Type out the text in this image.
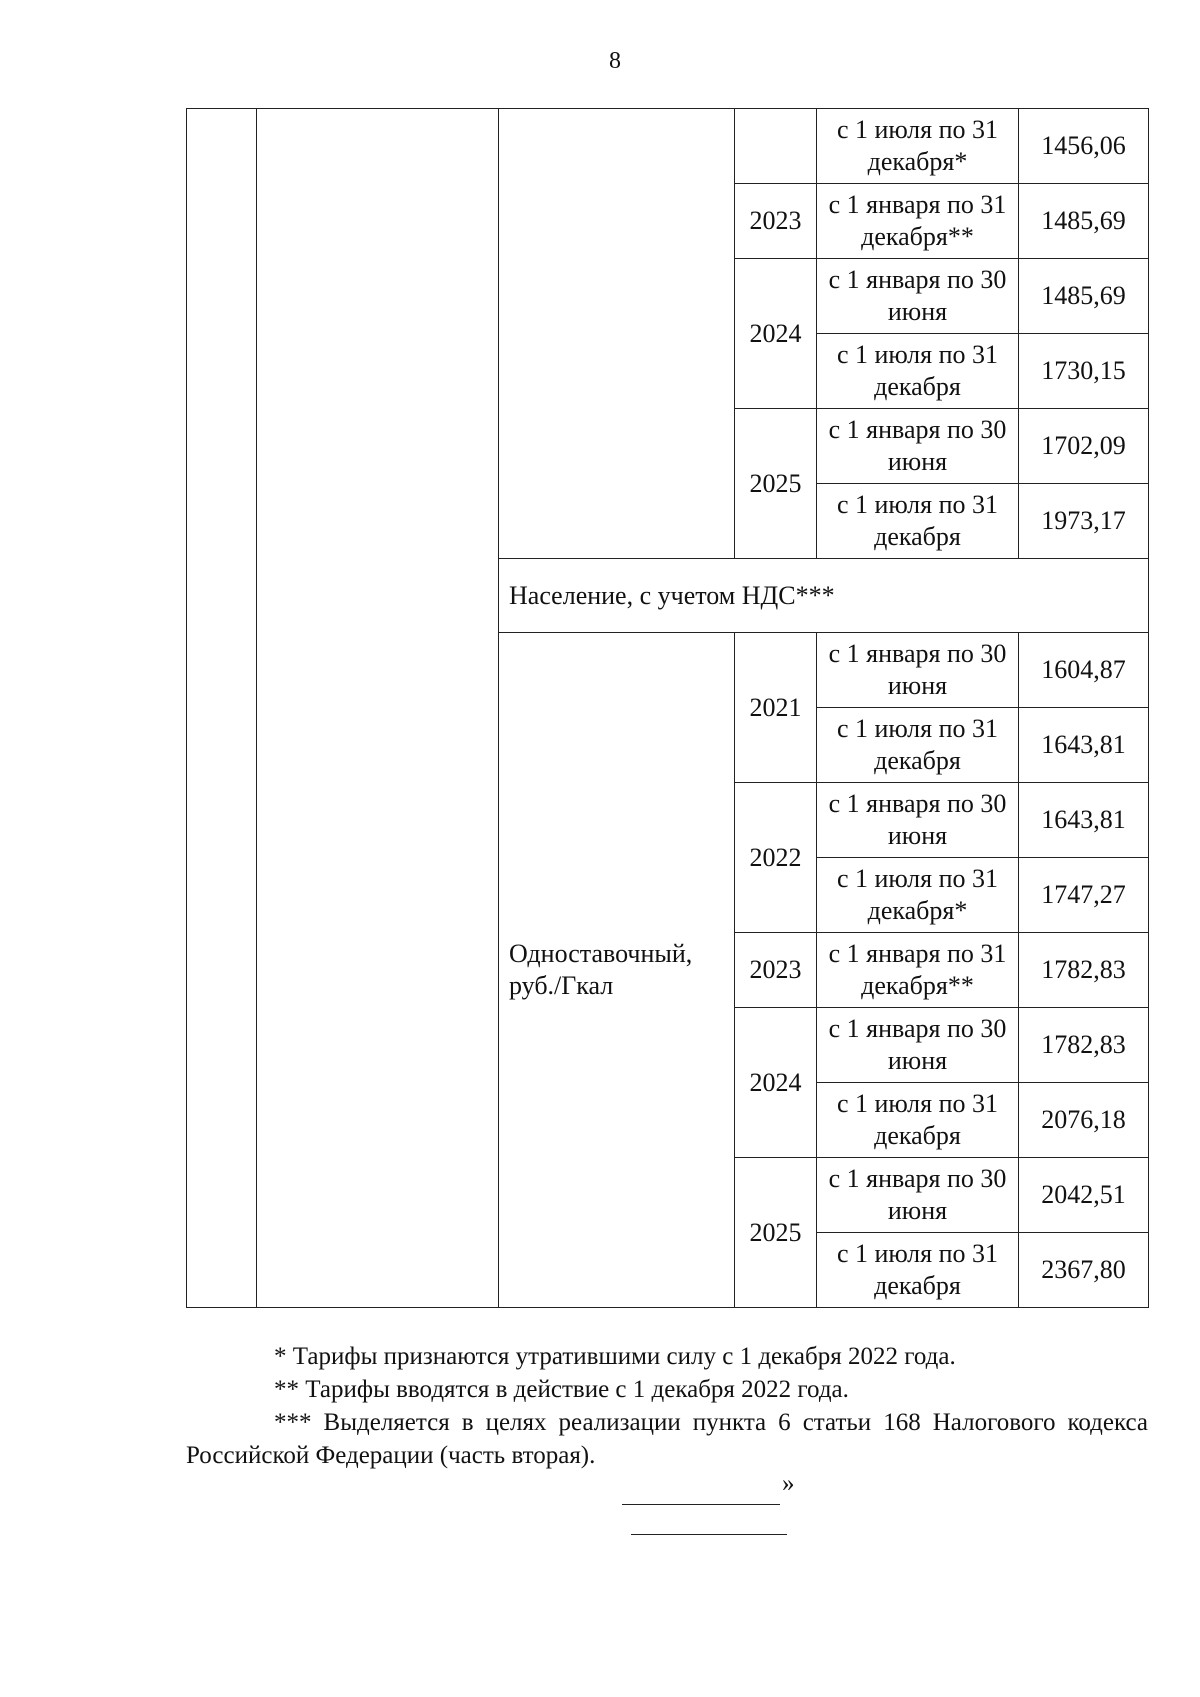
8
				с 1 июля по 31 декабря*	1456,06
			2023	с 1 января по 31 декабря**	1485,69
			2024	с 1 января по 30 июня	1485,69
				с 1 июля по 31 декабря	1730,15
			2025	с 1 января по 30 июня	1702,09
				с 1 июля по 31 декабря	1973,17
		Население, с учетом НДС***			
		Одноставочный, руб./Гкал	2021	с 1 января по 30 июня	1604,87
				с 1 июля по 31 декабря	1643,81
			2022	с 1 января по 30 июня	1643,81
				с 1 июля по 31 декабря*	1747,27
			2023	с 1 января по 31 декабря**	1782,83
			2024	с 1 января по 30 июня	1782,83
				с 1 июля по 31 декабря	2076,18
			2025	с 1 января по 30 июня	2042,51
				с 1 июля по 31 декабря	2367,80

* Тарифы признаются утратившими силу с 1 декабря 2022 года.

** Тарифы вводятся в действие с 1 декабря 2022 года.

*** Выделяется в целях реализации пункта 6 статьи 168 Налогового кодекса Российской Федерации (часть вторая).

»
